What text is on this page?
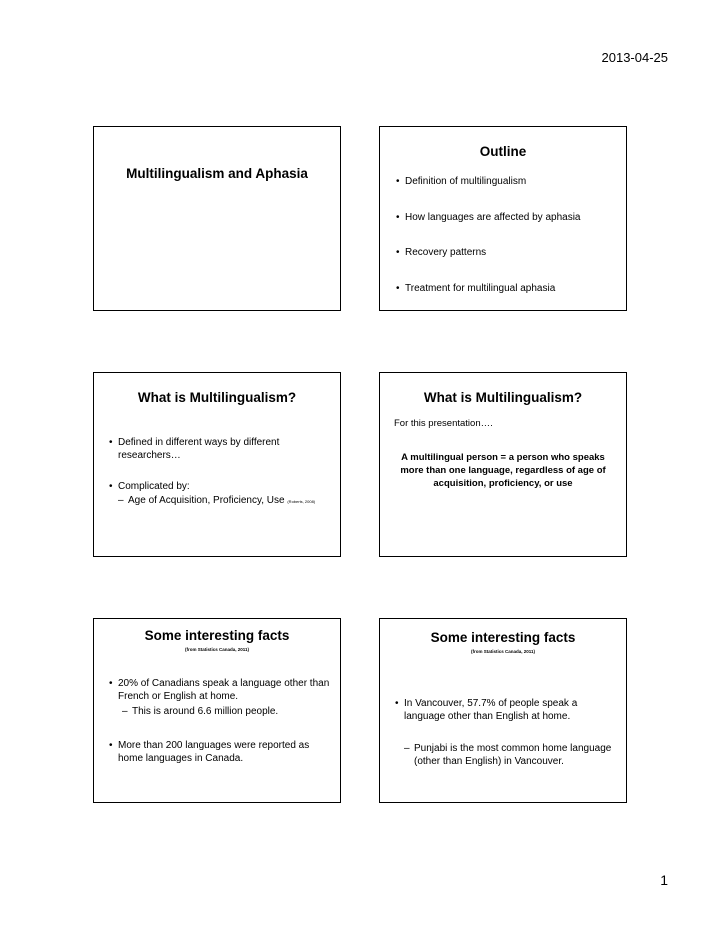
2013-04-25
Multilingualism and Aphasia
Outline
• Definition of multilingualism
• How languages are affected by aphasia
• Recovery patterns
• Treatment for multilingual aphasia
What is Multilingualism?
• Defined in different ways by different researchers…
• Complicated by:
– Age of Acquisition, Proficiency, Use (Roberts, 2008)
What is Multilingualism?
For this presentation….
A multilingual person = a person who speaks more than one language, regardless of age of acquisition, proficiency, or use
Some interesting facts
(from Statistics Canada, 2011)
• 20% of Canadians speak a language other than French or English at home.
– This is around 6.6 million people.
• More than 200 languages were reported as home languages in Canada.
Some interesting facts
(from Statistics Canada, 2011)
• In Vancouver, 57.7% of people speak a language other than English at home.
– Punjabi is the most common home language (other than English) in Vancouver.
1
